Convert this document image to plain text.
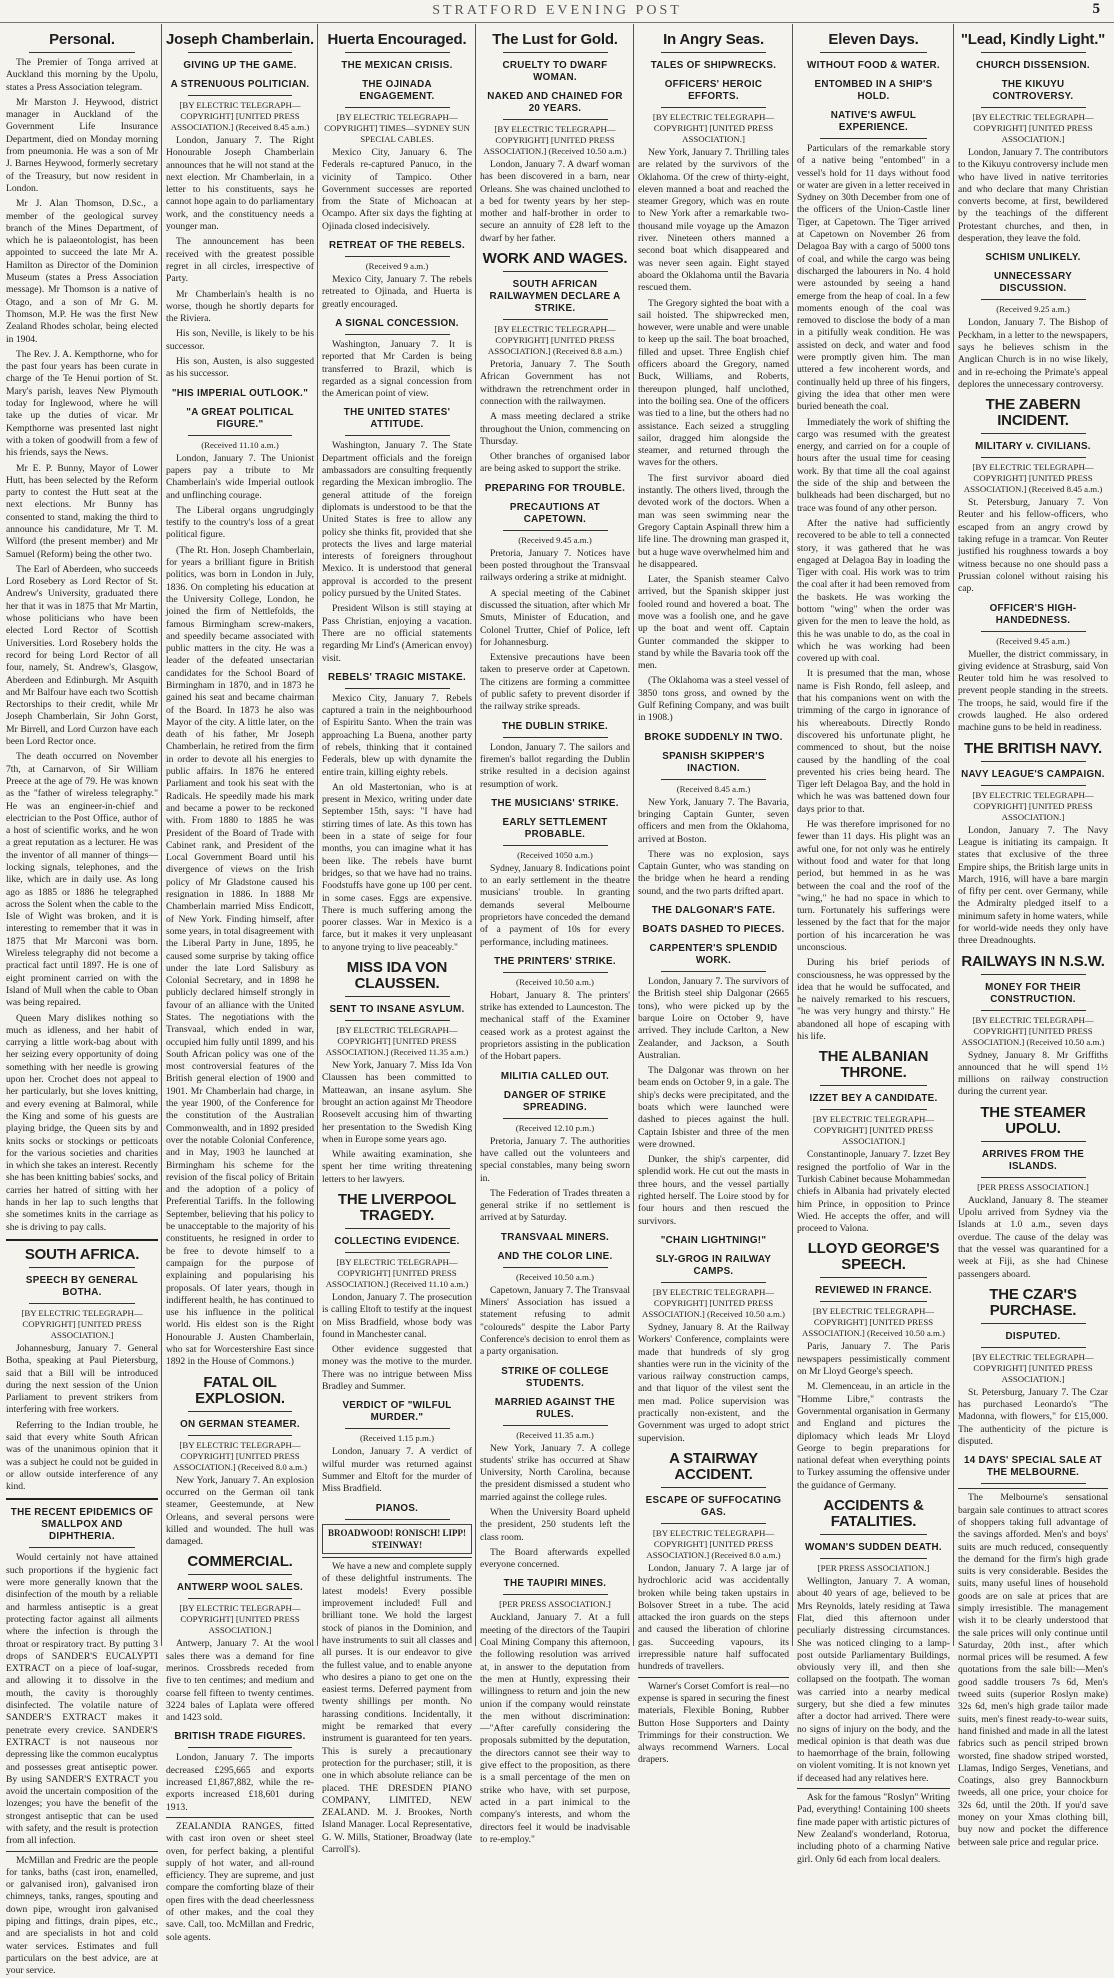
STRATFORD EVENING POST	5
Personal.

The Premier of Tonga arrived at Auckland this morning by the Upolu, states a Press Association telegram.

Mr Marston J. Heywood, district manager in Auckland of the Government Life Insurance Department, died on Monday morning from pneumonia. He was a son of Mr J. Barnes Heywood, formerly secretary of the Treasury, but now resident in London.

Mr J. Alan Thomson, D.Sc., a member of the geological survey branch of the Mines Department, of which he is palaeontologist, has been appointed to succeed the late Mr A. Hamilton as Director of the Dominion Museum (states a Press Association message). Mr Thomson is a native of Otago, and a son of Mr G. M. Thomson, M.P. He was the first New Zealand Rhodes scholar, being elected in 1904.

The Rev. J. A. Kempthorne, who for the past four years has been curate in charge of the Te Henui portion of St. Mary's parish, leaves New Plymouth today for Inglewood, where he will take up the duties of vicar. Mr Kempthorne was presented last night with a token of goodwill from a few of his friends, says the News.

Mr E. P. Bunny, Mayor of Lower Hutt, has been selected by the Reform party to contest the Hutt seat at the next elections. Mr Bunny has consented to stand, making the third to announce his candidature, Mr T. M. Wilford (the present member) and Mr Samuel (Reform) being the other two.

The Earl of Aberdeen, who succeeds Lord Rosebery as Lord Rector of St. Andrew's University, graduated there her that it was in 1875 that Mr Martin, whose politicians who have been elected Lord Rector of Scottish Universities. Lord Rosebery holds the record for being Lord Rector of all four, namely, St. Andrew's, Glasgow, Aberdeen and Edinburgh. Mr Asquith and Mr Balfour have each two Scottish Rectorships to their credit, while Mr Joseph Chamberlain, Sir John Gorst, Mr Birrell, and Lord Curzon have each been Lord Rector once.

The death occurred on November 7th, at Carnarvon, of Sir William Preece at the age of 79. He was known as the "father of wireless telegraphy." He was an engineer-in-chief and electrician to the Post Office, author of a host of scientific works, and he won a great reputation as a lecturer. He was the inventor of all manner of things—locking signals, telephones, and the like, which are in daily use. As long ago as 1885 or 1886 he telegraphed across the Solent when the cable to the Isle of Wight was broken, and it is interesting to remember that it was in 1875 that Mr Marconi was born. Wireless telegraphy did not become a practical fact until 1897. He is one of eight prominent carried on with the Island of Mull when the cable to Oban was being repaired.

Queen Mary dislikes nothing so much as idleness, and her habit of carrying a little work-bag about with her seizing every opportunity of doing something with her needle is growing upon her. Crochet does not appeal to her particularly, but she loves knitting, and every evening at Balmoral, while the King and some of his guests are playing bridge, the Queen sits by and knits socks or stockings or petticoats for the various societies and charities in which she takes an interest. Recently she has been knitting babies' socks, and carries her hatred of sitting with her hands in her lap to such lengths that she sometimes knits in the carriage as she is driving to pay calls.

SOUTH AFRICA.
SPEECH BY GENERAL BOTHA.

[BY ELECTRIC TELEGRAPH—COPYRIGHT] [UNITED PRESS ASSOCIATION.]

Johannesburg, January 7. General Botha, speaking at Paul Pietersburg, said that a Bill will be introduced during the next session of the Union Parliament to prevent strikers from interfering with free workers.

Referring to the Indian trouble, he said that every white South African was of the unanimous opinion that it was a subject he could not be guided in or allow outside interference of any kind.

THE RECENT EPIDEMICS OF SMALLPOX AND DIPHTHERIA.

Would certainly not have attained such proportions if the hygienic fact were more generally known that the disinfection of the mouth by a reliable and harmless antiseptic is a great protecting factor against all ailments where the infection is through the throat or respiratory tract. By putting 3 drops of SANDER'S EUCALYPTI EXTRACT on a piece of loaf-sugar, and allowing it to dissolve in the mouth, the cavity is thoroughly disinfected. The volatile nature of SANDER'S EXTRACT makes it penetrate every crevice. SANDER'S EXTRACT is not nauseous nor depressing like the common eucalyptus and possesses great antiseptic power. By using SANDER'S EXTRACT you avoid the uncertain composition of the lozenges; you have the benefit of the strongest antiseptic that can be used with safety, and the result is protection from all infection.

McMillan and Fredric are the people for tanks, baths (cast iron, enamelled, or galvanised iron), galvanised iron chimneys, tanks, ranges, spouting and down pipe, wrought iron galvanised piping and fittings, drain pipes, etc., and are specialists in hot and cold water services. Estimates and full particulars on the best advice, are at your service.

Joseph Chamberlain.
GIVING UP THE GAME.
A STRENUOUS POLITICIAN.

[BY ELECTRIC TELEGRAPH—COPYRIGHT] [UNITED PRESS ASSOCIATION.] (Received 8.45 a.m.)

London, January 7. The Right Honourable Joseph Chamberlain announces that he will not stand at the next election. Mr Chamberlain, in a letter to his constituents, says he cannot hope again to do parliamentary work, and the constituency needs a younger man.

The announcement has been received with the greatest possible regret in all circles, irrespective of Party.

Mr Chamberlain's health is no worse, though he shortly departs for the Riviera.

His son, Neville, is likely to be his successor.

His son, Austen, is also suggested as his successor.

"HIS IMPERIAL OUTLOOK."
"A GREAT POLITICAL FIGURE."

(Received 11.10 a.m.)

London, January 7. The Unionist papers pay a tribute to Mr Chamberlain's wide Imperial outlook and unflinching courage.

The Liberal organs ungrudgingly testify to the country's loss of a great political figure.

(The Rt. Hon. Joseph Chamberlain, for years a brilliant figure in British politics, was born in London in July, 1836. On completing his education at the University College, London, he joined the firm of Nettlefolds, the famous Birmingham screw-makers, and speedily became associated with public matters in the city. He was a leader of the defeated unsectarian candidates for the School Board of Birmingham in 1870, and in 1873 he gained his seat and became chairman of the Board. In 1873 he also was Mayor of the city. A little later, on the death of his father, Mr Joseph Chamberlain, he retired from the firm in order to devote all his energies to public affairs. In 1876 he entered Parliament and took his seat with the Radicals. He speedily made his mark and became a power to be reckoned with. From 1880 to 1885 he was President of the Board of Trade with Cabinet rank, and President of the Local Government Board until his divergence of views on the Irish policy of Mr Gladstone caused his resignation in 1886. In 1888 Mr Chamberlain married Miss Endicott, of New York. Finding himself, after some years, in total disagreement with the Liberal Party in June, 1895, he caused some surprise by taking office under the late Lord Salisbury as Colonial Secretary, and in 1898 he publicly declared himself strongly in favour of an alliance with the United States. The negotiations with the Transvaal, which ended in war, occupied him fully until 1899, and his South African policy was one of the most controversial features of the British general election of 1900 and 1901. Mr Chamberlain had charge, in the year 1900, of the Conference for the constitution of the Australian Commonwealth, and in 1892 presided over the notable Colonial Conference, and in May, 1903 he launched at Birmingham his scheme for the revision of the fiscal policy of Britain and the adoption of a policy of Preferential Tariffs. In the following September, believing that his policy to be unacceptable to the majority of his constituents, he resigned in order to be free to devote himself to a campaign for the purpose of explaining and popularising his proposals. Of later years, though in indifferent health, he has continued to use his influence in the political world. His eldest son is the Right Honourable J. Austen Chamberlain, who sat for Worcestershire East since 1892 in the House of Commons.)

FATAL OIL EXPLOSION.
ON GERMAN STEAMER.

[BY ELECTRIC TELEGRAPH—COPYRIGHT] [UNITED PRESS ASSOCIATION.] (Received 8.0 a.m.)

New York, January 7. An explosion occurred on the German oil tank steamer, Geestemunde, at New Orleans, and several persons were killed and wounded. The hull was damaged.

COMMERCIAL.
ANTWERP WOOL SALES.

[BY ELECTRIC TELEGRAPH—COPYRIGHT] [UNITED PRESS ASSOCIATION.]

Antwerp, January 7. At the wool sales there was a demand for fine merinos. Crossbreds receded from five to ten centimes; and medium and coarse fell fifteen to twenty centimes. 3224 bales of Laplata were offered and 1423 sold.

BRITISH TRADE FIGURES.

London, January 7. The imports decreased £295,665 and exports increased £1,867,882, while the re-exports increased £18,601 during 1913.

ZEALANDIA RANGES, fitted with cast iron oven or sheet steel oven, for perfect baking, a plentiful supply of hot water, and all-round efficiency. They are supreme, and just compare the comforting blaze of their open fires with the dead cheerlessness of other makes, and the coal they save. Call, too. McMillan and Fredric, sole agents.

Huerta Encouraged.
THE MEXICAN CRISIS.
THE OJINADA ENGAGEMENT.

[BY ELECTRIC TELEGRAPH—COPYRIGHT] TIMES—SYDNEY SUN SPECIAL CABLES.

Mexico City, January 6. The Federals re-captured Panuco, in the vicinity of Tampico. Other Government successes are reported from the State of Michoacan at Ocampo. After six days the fighting at Ojinada closed indecisively.

RETREAT OF THE REBELS.

(Received 9 a.m.)

Mexico City, January 7. The rebels retreated to Ojinada, and Huerta is greatly encouraged.

A SIGNAL CONCESSION.

Washington, January 7. It is reported that Mr Carden is being transferred to Brazil, which is regarded as a signal concession from the American point of view.

THE UNITED STATES' ATTITUDE.

Washington, January 7. The State Department officials and the foreign ambassadors are consulting frequently regarding the Mexican imbroglio. The general attitude of the foreign diplomats is understood to be that the United States is free to allow any policy she thinks fit, provided that she protects the lives and large material interests of foreigners throughout Mexico. It is understood that general approval is accorded to the present policy pursued by the United States.

President Wilson is still staying at Pass Christian, enjoying a vacation. There are no official statements regarding Mr Lind's (American envoy) visit.

REBELS' TRAGIC MISTAKE.

Mexico City, January 7. Rebels captured a train in the neighbourhood of Espiritu Santo. When the train was approaching La Buena, another party of rebels, thinking that it contained Federals, blew up with dynamite the entire train, killing eighty rebels.

An old Mastertonian, who is at present in Mexico, writing under date September 15th, says: "I have had stirring times of late. As this town has been in a state of seige for four months, you can imagine what it has been like. The rebels have burnt bridges, so that we have had no trains. Foodstuffs have gone up 100 per cent. in some cases. Eggs are expensive. There is much suffering among the poorer classes. War in Mexico is a farce, but it makes it very unpleasant to anyone trying to live peaceably."

MISS IDA VON CLAUSSEN.
SENT TO INSANE ASYLUM.

[BY ELECTRIC TELEGRAPH—COPYRIGHT] [UNITED PRESS ASSOCIATION.] (Received 11.35 a.m.)

New York, January 7. Miss Ida Von Claussen has been committed to Matteawan, an insane asylum. She brought an action against Mr Theodore Roosevelt accusing him of thwarting her presentation to the Swedish King when in Europe some years ago.

While awaiting examination, she spent her time writing threatening letters to her lawyers.

THE LIVERPOOL TRAGEDY.
COLLECTING EVIDENCE.

[BY ELECTRIC TELEGRAPH—COPYRIGHT] [UNITED PRESS ASSOCIATION.] (Received 11.10 a.m.)

London, January 7. The prosecution is calling Eltoft to testify at the inquest on Miss Bradfield, whose body was found in Manchester canal.

Other evidence suggested that money was the motive to the murder. There was no intrigue between Miss Bradley and Summer.

VERDICT OF "WILFUL MURDER."

(Received 1.15 p.m.)

London, January 7. A verdict of wilful murder was returned against Summer and Eltoft for the murder of Miss Bradfield.

PIANOS.
BROADWOOD! RONISCH! LIPP! STEINWAY!

We have a new and complete supply of these delightful instruments. The latest models! Every possible improvement included! Full and brilliant tone. We hold the largest stock of pianos in the Dominion, and have instruments to suit all classes and all purses. It is our endeavor to give the fullest value, and to enable anyone who desires a piano to get one on the easiest terms. Deferred payment from twenty shillings per month. No harassing conditions. Incidentally, it might be remarked that every instrument is guaranteed for ten years. This is surely a precautionary protection for the purchaser; still, it is one in which absolute reliance can be placed. THE DRESDEN PIANO COMPANY, LIMITED, NEW ZEALAND. M. J. Brookes, North Island Manager. Local Representative, G. W. Mills, Stationer, Broadway (late Carroll's).

The Lust for Gold.
CRUELTY TO DWARF WOMAN.
NAKED AND CHAINED FOR 20 YEARS.

[BY ELECTRIC TELEGRAPH—COPYRIGHT] [UNITED PRESS ASSOCIATION.] (Received 10.50 a.m.)

London, January 7. A dwarf woman has been discovered in a barn, near Orleans. She was chained unclothed to a bed for twenty years by her step-mother and half-brother in order to secure an annuity of £28 left to the dwarf by her father.

WORK AND WAGES.
SOUTH AFRICAN RAILWAYMEN DECLARE A STRIKE.

[BY ELECTRIC TELEGRAPH—COPYRIGHT] [UNITED PRESS ASSOCIATION.] (Received 8.8 a.m.)

Pretoria, January 7. The South African Government has not withdrawn the retrenchment order in connection with the railwaymen.

A mass meeting declared a strike throughout the Union, commencing on Thursday.

Other branches of organised labor are being asked to support the strike.

PREPARING FOR TROUBLE.
PRECAUTIONS AT CAPETOWN.

(Received 9.45 a.m.)

Pretoria, January 7. Notices have been posted throughout the Transvaal railways ordering a strike at midnight.

A special meeting of the Cabinet discussed the situation, after which Mr Smuts, Minister of Education, and Colonel Trutter, Chief of Police, left for Johannesburg.

Extensive precautions have been taken to preserve order at Capetown. The citizens are forming a committee of public safety to prevent disorder if the railway strike spreads.

THE DUBLIN STRIKE.

London, January 7. The sailors and firemen's ballot regarding the Dublin strike resulted in a decision against resumption of work.

THE MUSICIANS' STRIKE.
EARLY SETTLEMENT PROBABLE.

(Received 1050 a.m.)

Sydney, January 8. Indications point to an early settlement in the theatre musicians' trouble. In granting demands several Melbourne proprietors have conceded the demand of a payment of 10s for every performance, including matinees.

THE PRINTERS' STRIKE.

(Received 10.50 a.m.)

Hobart, January 8. The printers' strike has extended to Launceston. The mechanical staff of the Examiner ceased work as a protest against the proprietors assisting in the publication of the Hobart papers.

MILITIA CALLED OUT.
DANGER OF STRIKE SPREADING.

(Received 12.10 p.m.)

Pretoria, January 7. The authorities have called out the volunteers and special constables, many being sworn in.

The Federation of Trades threaten a general strike if no settlement is arrived at by Saturday.

TRANSVAAL MINERS.
AND THE COLOR LINE.

(Received 10.50 a.m.)

Capetown, January 7. The Transvaal Miners' Association has issued a statement refusing to admit "coloureds" despite the Labor Party Conference's decision to enrol them as a party organisation.

STRIKE OF COLLEGE STUDENTS.
MARRIED AGAINST THE RULES.

(Received 11.35 a.m.)

New York, January 7. A college students' strike has occurred at Shaw University, North Carolina, because the president dismissed a student who married against the college rules.

When the University Board upheld the president, 250 students left the class room.

The Board afterwards expelled everyone concerned.

THE TAUPIRI MINES.

[PER PRESS ASSOCIATION.]

Auckland, January 7. At a full meeting of the directors of the Taupiri Coal Mining Company this afternoon, the following resolution was arrived at, in answer to the deputation from the men at Huntly, expressing their willingness to return and join the new union if the company would reinstate the men without discrimination:—"After carefully considering the proposals submitted by the deputation, the directors cannot see their way to give effect to the proposition, as there is a small percentage of the men on strike who have, with set purpose, acted in a part inimical to the company's interests, and whom the directors feel it would be inadvisable to re-employ."

In Angry Seas.
TALES OF SHIPWRECKS.
OFFICERS' HEROIC EFFORTS.

[BY ELECTRIC TELEGRAPH—COPYRIGHT] [UNITED PRESS ASSOCIATION.]

New York, January 7. Thrilling tales are related by the survivors of the Oklahoma. Of the crew of thirty-eight, eleven manned a boat and reached the steamer Gregory, which was en route to New York after a remarkable two-thousand mile voyage up the Amazon river. Nineteen others manned a second boat which disappeared and was never seen again. Eight stayed aboard the Oklahoma until the Bavaria rescued them.

The Gregory sighted the boat with a sail hoisted. The shipwrecked men, however, were unable and were unable to keep up the sail. The boat broached, filled and upset. Three English chief officers aboard the Gregory, named Buck, Williams, and Roberts, thereupon plunged, half unclothed, into the boiling sea. One of the officers was tied to a line, but the others had no assistance. Each seized a struggling sailor, dragged him alongside the steamer, and returned through the waves for the others.

The first survivor aboard died instantly. The others lived, through the devoted work of the doctors. When a man was seen swimming near the Gregory Captain Aspinall threw him a life line. The drowning man grasped it, but a huge wave overwhelmed him and he disappeared.

Later, the Spanish steamer Calvo arrived, but the Spanish skipper just fooled round and hovered a boat. The move was a foolish one, and he gave up the boat and went off. Captain Gunter commanded the skipper to stand by while the Bavaria took off the men.

(The Oklahoma was a steel vessel of 3850 tons gross, and owned by the Gulf Refining Company, and was built in 1908.)

BROKE SUDDENLY IN TWO.
SPANISH SKIPPER'S INACTION.

(Received 8.45 a.m.)

New York, January 7. The Bavaria, bringing Captain Gunter, seven officers and men from the Oklahoma, arrived at Boston.

There was no explosion, says Captain Gunter, who was standing on the bridge when he heard a rending sound, and the two parts drifted apart.

THE DALGONAR'S FATE.
BOATS DASHED TO PIECES.
CARPENTER'S SPLENDID WORK.

London, January 7. The survivors of the British steel ship Dalgonar (2665 tons), who were picked up by the barque Loire on October 9, have arrived. They include Carlton, a New Zealander, and Jackson, a South Australian.

The Dalgonar was thrown on her beam ends on October 9, in a gale. The ship's decks were precipitated, and the boats which were launched were dashed to pieces against the hull. Captain Isbister and three of the men were drowned.

Dunker, the ship's carpenter, did splendid work. He cut out the masts in three hours, and the vessel partially righted herself. The Loire stood by for four hours and then rescued the survivors.

"CHAIN LIGHTNING!"
SLY-GROG IN RAILWAY CAMPS.

[BY ELECTRIC TELEGRAPH—COPYRIGHT] [UNITED PRESS ASSOCIATION.] (Received 10.50 a.m.)

Sydney, January 8. At the Railway Workers' Conference, complaints were made that hundreds of sly grog shanties were run in the vicinity of the various railway construction camps, and that liquor of the vilest sent the men mad. Police supervision was practically non-existent, and the Government was urged to adopt strict supervision.

A STAIRWAY ACCIDENT.
ESCAPE OF SUFFOCATING GAS.

[BY ELECTRIC TELEGRAPH—COPYRIGHT] [UNITED PRESS ASSOCIATION.] (Received 8.0 a.m.)

London, January 7. A large jar of hydrochloric acid was accidentally broken while being taken upstairs in Bolsover Street in a tube. The acid attacked the iron guards on the steps and caused the liberation of chlorine gas. Succeeding vapours, its irrepressible nature half suffocated hundreds of travellers.

Warner's Corset Comfort is real—no expense is spared in securing the finest materials, Flexible Boning, Rubber Button Hose Supporters and Dainty Trimmings for their construction. We always recommend Warners. Local drapers.

Eleven Days.
WITHOUT FOOD & WATER.
ENTOMBED IN A SHIP'S HOLD.
NATIVE'S AWFUL EXPERIENCE.

Particulars of the remarkable story of a native being "entombed" in a vessel's hold for 11 days without food or water are given in a letter received in Sydney on 30th December from one of the officers of the Union-Castle liner Tiger, at Capetown. The Tiger arrived at Capetown on November 26 from Delagoa Bay with a cargo of 5000 tons of coal, and while the cargo was being discharged the labourers in No. 4 hold were astounded by seeing a hand emerge from the heap of coal. In a few moments enough of the coal was removed to disclose the body of a man in a pitifully weak condition. He was assisted on deck, and water and food were promptly given him. The man uttered a few incoherent words, and continually held up three of his fingers, giving the idea that other men were buried beneath the coal.

Immediately the work of shifting the cargo was resumed with the greatest energy, and carried on for a couple of hours after the usual time for ceasing work. By that time all the coal against the side of the ship and between the bulkheads had been discharged, but no trace was found of any other person.

After the native had sufficiently recovered to be able to tell a connected story, it was gathered that he was engaged at Delagoa Bay in loading the Tiger with coal. His work was to trim the coal after it had been removed from the baskets. He was working the bottom "wing" when the order was given for the men to leave the hold, as this he was unable to do, as the coal in which he was working had been covered up with coal.

It is presumed that the man, whose name is Fish Rondo, fell asleep, and that his companions went on with the trimming of the cargo in ignorance of his whereabouts. Directly Rondo discovered his unfortunate plight, he commenced to shout, but the noise caused by the handling of the coal prevented his cries being heard. The Tiger left Delagoa Bay, and the hold in which he was was battened down four days prior to that.

He was therefore imprisoned for no fewer than 11 days. His plight was an awful one, for not only was he entirely without food and water for that long period, but hemmed in as he was between the coal and the roof of the "wing," he had no space in which to turn. Fortunately his sufferings were lessened by the fact that for the major portion of his incarceration he was unconscious.

During his brief periods of consciousness, he was oppressed by the idea that he would be suffocated, and he naively remarked to his rescuers, "he was very hungry and thirsty." He abandoned all hope of escaping with his life.

THE ALBANIAN THRONE.
IZZET BEY A CANDIDATE.

[BY ELECTRIC TELEGRAPH—COPYRIGHT] [UNITED PRESS ASSOCIATION.]

Constantinople, January 7. Izzet Bey resigned the portfolio of War in the Turkish Cabinet because Mohammedan chiefs in Albania had privately elected him Prince, in opposition to Prince Wied. He accepts the offer, and will proceed to Valona.

LLOYD GEORGE'S SPEECH.
REVIEWED IN FRANCE.

[BY ELECTRIC TELEGRAPH—COPYRIGHT] [UNITED PRESS ASSOCIATION.] (Received 10.50 a.m.)

Paris, January 7. The Paris newspapers pessimistically comment on Mr Lloyd George's speech.

M. Clemenceau, in an article in the "Homme Libre," contrasts the Governmental organisation in Germany and England and pictures the diplomacy which leads Mr Lloyd George to begin preparations for national defeat when everything points to Turkey assuming the offensive under the guidance of Germany.

ACCIDENTS & FATALITIES.
WOMAN'S SUDDEN DEATH.

[PER PRESS ASSOCIATION.]

Wellington, January 7. A woman, about 40 years of age, believed to be Mrs Reynolds, lately residing at Tawa Flat, died this afternoon under peculiarly distressing circumstances. She was noticed clinging to a lamp-post outside Parliamentary Buildings, obviously very ill, and then she collapsed on the footpath. The woman was carried into a nearby medical surgery, but she died a few minutes after a doctor had arrived. There were no signs of injury on the body, and the medical opinion is that death was due to haemorrhage of the brain, following on violent vomiting. It is not known yet if deceased had any relatives here.

Ask for the famous "Roslyn" Writing Pad, everything! Containing 100 sheets fine made paper with artistic pictures of New Zealand's wonderland, Rotorua, including photo of a charming Native girl. Only 6d each from local dealers.

"Lead, Kindly Light."
CHURCH DISSENSION.
THE KIKUYU CONTROVERSY.

[BY ELECTRIC TELEGRAPH—COPYRIGHT] [UNITED PRESS ASSOCIATION.]

London, January 7. The contributors to the Kikuyu controversy include men who have lived in native territories and who declare that many Christian converts become, at first, bewildered by the teachings of the different Protestant churches, and then, in desperation, they leave the fold.

SCHISM UNLIKELY.
UNNECESSARY DISCUSSION.

(Received 9.25 a.m.)

London, January 7. The Bishop of Peckham, in a letter to the newspapers, says he believes schism in the Anglican Church is in no wise likely, and in re-echoing the Primate's appeal deplores the unnecessary controversy.

THE ZABERN INCIDENT.
MILITARY v. CIVILIANS.

[BY ELECTRIC TELEGRAPH—COPYRIGHT] [UNITED PRESS ASSOCIATION.] (Received 8.45 a.m.)

St. Petersburg, January 7. Von Reuter and his fellow-officers, who escaped from an angry crowd by taking refuge in a tramcar. Von Reuter justified his roughness towards a boy witness because no one should pass a Prussian colonel without raising his cap.

OFFICER'S HIGH-HANDEDNESS.

(Received 9.45 a.m.)

Mueller, the district commissary, in giving evidence at Strasburg, said Von Reuter told him he was resolved to prevent people standing in the streets. The troops, he said, would fire if the crowds laughed. He also ordered machine guns to be held in readiness.

THE BRITISH NAVY.
NAVY LEAGUE'S CAMPAIGN.

[BY ELECTRIC TELEGRAPH—COPYRIGHT] [UNITED PRESS ASSOCIATION.]

London, January 7. The Navy League is initiating its campaign. It states that exclusive of the three Empire ships, the British large units in March, 1916, will have a bare margin of fifty per cent. over Germany, while the Admiralty pledged itself to a minimum safety in home waters, while for world-wide needs they only have three Dreadnoughts.

RAILWAYS IN N.S.W.
MONEY FOR THEIR CONSTRUCTION.

[BY ELECTRIC TELEGRAPH—COPYRIGHT] [UNITED PRESS ASSOCIATION.] (Received 10.50 a.m.)

Sydney, January 8. Mr Griffiths announced that he will spend 1½ millions on railway construction during the current year.

THE STEAMER UPOLU.
ARRIVES FROM THE ISLANDS.

[PER PRESS ASSOCIATION.]

Auckland, January 8. The steamer Upolu arrived from Sydney via the Islands at 1.0 a.m., seven days overdue. The cause of the delay was that the vessel was quarantined for a week at Fiji, as she had Chinese passengers aboard.

THE CZAR'S PURCHASE.
DISPUTED.

[BY ELECTRIC TELEGRAPH—COPYRIGHT] [UNITED PRESS ASSOCIATION.]

St. Petersburg, January 7. The Czar has purchased Leonardo's "The Madonna, with flowers," for £15,000. The authenticity of the picture is disputed.

14 DAYS' SPECIAL SALE AT THE MELBOURNE.

The Melbourne's sensational bargain sale continues to attract scores of shoppers taking full advantage of the savings afforded. Men's and boys' suits are much reduced, consequently the demand for the firm's high grade suits is very considerable. Besides the suits, many useful lines of household goods are on sale at prices that are simply irresistible. The management wish it to be clearly understood that the sale prices will only continue until Saturday, 20th inst., after which normal prices will be resumed. A few quotations from the sale bill:—Men's good saddle trousers 7s 6d, Men's tweed suits (superior Roslyn make) 32s 6d, men's high grade tailor made suits, men's finest ready-to-wear suits, hand finished and made in all the latest fabrics such as pencil striped brown worsted, fine shadow striped worsted, Llamas, Indigo Serges, Venetians, and Coatings, also grey Bannockburn tweeds, all one price, your choice for 32s 6d, until the 20th. If you'd save money on your Xmas clothing bill, buy now and pocket the difference between sale price and regular price.
